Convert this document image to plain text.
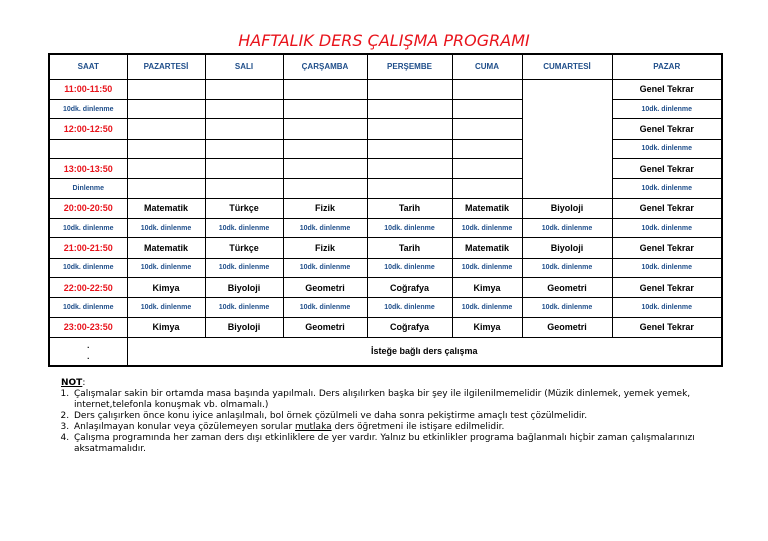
HAFTALIK DERS ÇALIŞMA PROGRAMI
SAAT	PAZARTESİ	SALI	ÇARŞAMBA	PERŞEMBE	CUMA	CUMARTESİ	PAZAR
11:00-11:50							Genel Tekrar
10dk. dinlenme							10dk. dinlenme
12:00-12:50							Genel Tekrar
							10dk. dinlenme
13:00-13:50							Genel Tekrar
Dinlenme							10dk. dinlenme
20:00-20:50	Matematik	Türkçe	Fizik	Tarih	Matematik	Biyoloji	Genel Tekrar
10dk. dinlenme	10dk. dinlenme	10dk. dinlenme	10dk. dinlenme	10dk. dinlenme	10dk. dinlenme	10dk. dinlenme	10dk. dinlenme
21:00-21:50	Matematik	Türkçe	Fizik	Tarih	Matematik	Biyoloji	Genel Tekrar
10dk. dinlenme	10dk. dinlenme	10dk. dinlenme	10dk. dinlenme	10dk. dinlenme	10dk. dinlenme	10dk. dinlenme	10dk. dinlenme
22:00-22:50	Kimya	Biyoloji	Geometri	Coğrafya	Kimya	Geometri	Genel Tekrar
10dk. dinlenme	10dk. dinlenme	10dk. dinlenme	10dk. dinlenme	10dk. dinlenme	10dk. dinlenme	10dk. dinlenme	10dk. dinlenme
23:00-23:50	Kimya	Biyoloji	Geometri	Coğrafya	Kimya	Geometri	Genel Tekrar

.
.	İsteğe bağlı ders çalışma						
NOT:
1. Çalışmalar sakin bir ortamda masa başında yapılmalı. Ders alışılırken başka bir şey ile ilgilenilmemelidir (Müzik dinlemek, yemek yemek, internet,telefonla konuşmak vb. olmamalı.)
2. Ders çalışırken önce konu iyice anlaşılmalı, bol örnek çözülmeli ve daha sonra pekiştirme amaçlı test çözülmelidir.
3. Anlaşılmayan konular veya çözülemeyen sorular mutlaka ders öğretmeni ile istişare edilmelidir.
4. Çalışma programında her zaman ders dışı etkinliklere de yer vardır. Yalnız bu etkinlikler programa bağlanmalı hiçbir zaman çalışmalarınızı aksatmamalıdır.
